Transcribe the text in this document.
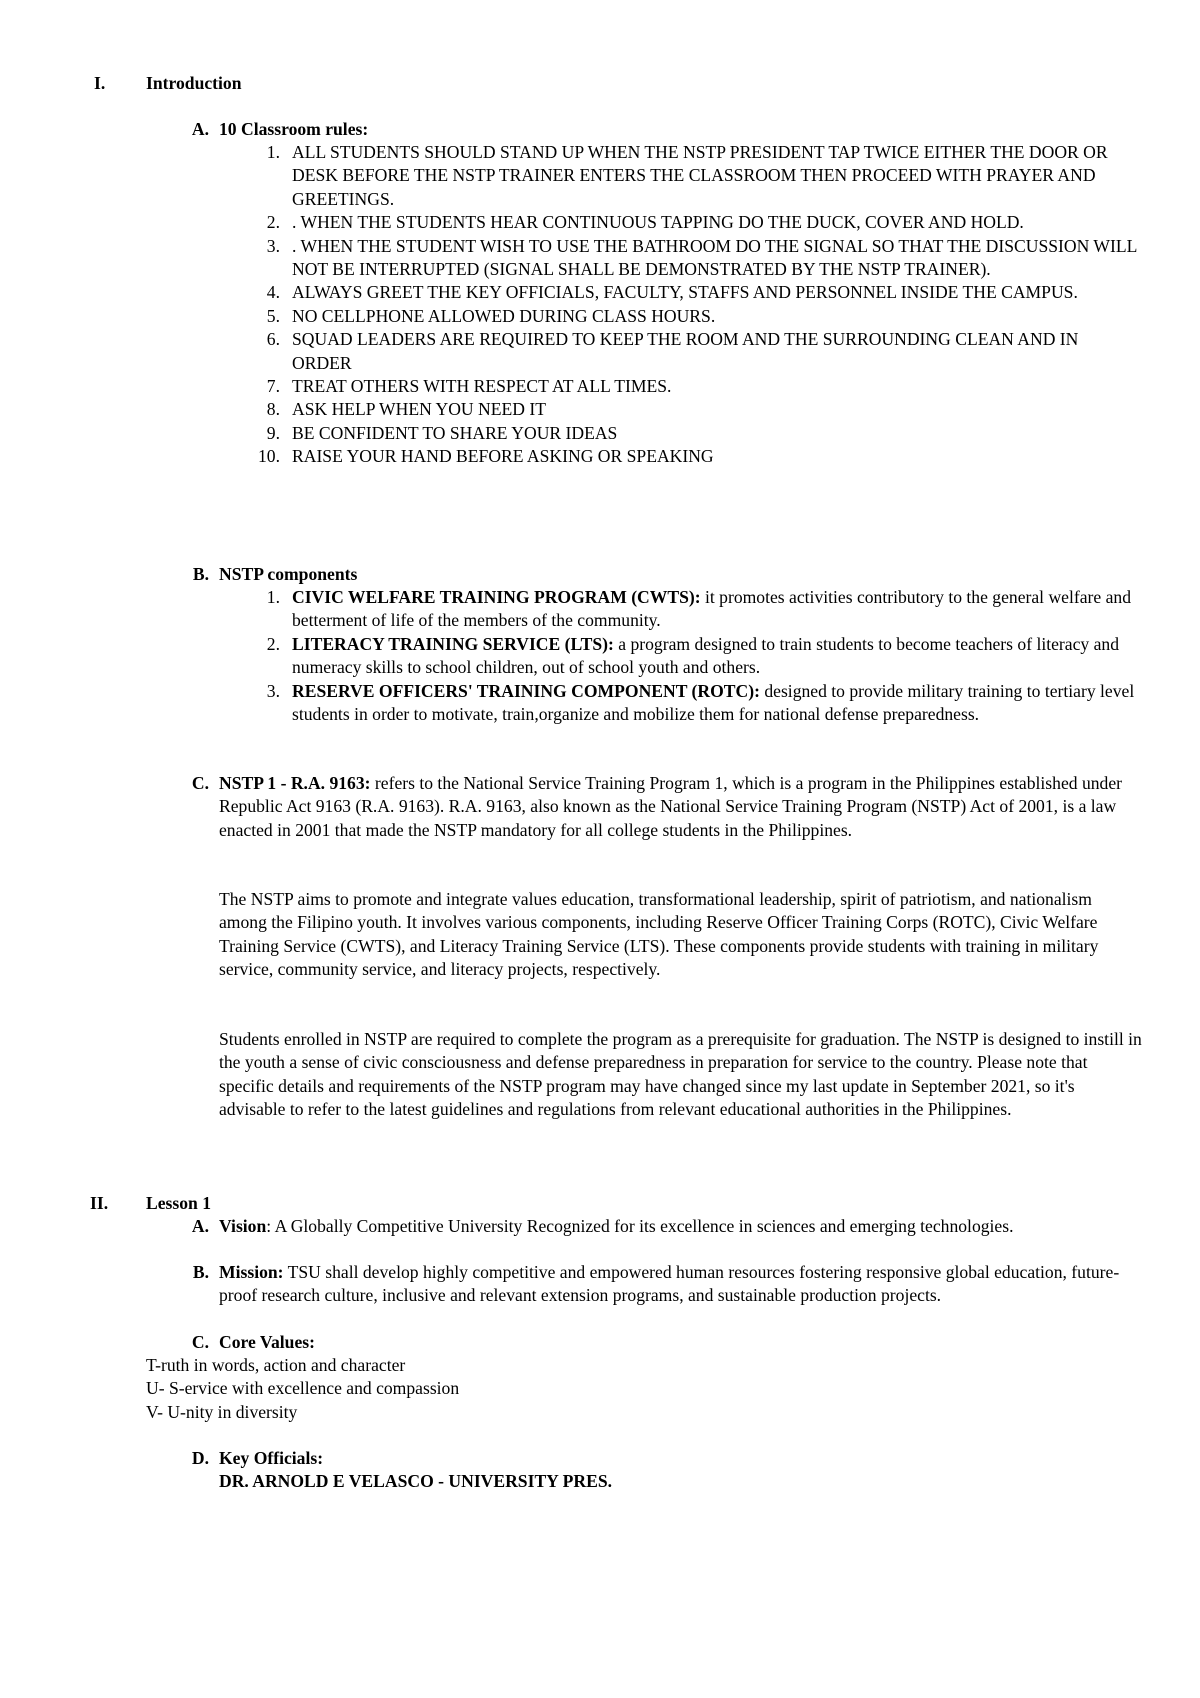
I. Introduction
A. 10 Classroom rules:
1. ALL STUDENTS SHOULD STAND UP WHEN THE NSTP PRESIDENT TAP TWICE EITHER THE DOOR OR DESK BEFORE THE NSTP TRAINER ENTERS THE CLASSROOM THEN PROCEED WITH PRAYER AND GREETINGS.
2. . WHEN THE STUDENTS HEAR CONTINUOUS TAPPING DO THE DUCK, COVER AND HOLD.
3. . WHEN THE STUDENT WISH TO USE THE BATHROOM DO THE SIGNAL SO THAT THE DISCUSSION WILL NOT BE INTERRUPTED (SIGNAL SHALL BE DEMONSTRATED BY THE NSTP TRAINER).
4. ALWAYS GREET THE KEY OFFICIALS, FACULTY, STAFFS AND PERSONNEL INSIDE THE CAMPUS.
5. NO CELLPHONE ALLOWED DURING CLASS HOURS.
6. SQUAD LEADERS ARE REQUIRED TO KEEP THE ROOM AND THE SURROUNDING CLEAN AND IN ORDER
7. TREAT OTHERS WITH RESPECT AT ALL TIMES.
8. ASK HELP WHEN YOU NEED IT
9. BE CONFIDENT TO SHARE YOUR IDEAS
10. RAISE YOUR HAND BEFORE ASKING OR SPEAKING
B. NSTP components
1. CIVIC WELFARE TRAINING PROGRAM (CWTS): it promotes activities contributory to the general welfare and betterment of life of the members of the community.
2. LITERACY TRAINING SERVICE (LTS): a program designed to train students to become teachers of literacy and numeracy skills to school children, out of school youth and others.
3. RESERVE OFFICERS' TRAINING COMPONENT (ROTC): designed to provide military training to tertiary level students in order to motivate, train,organize and mobilize them for national defense preparedness.
C. NSTP 1 - R.A. 9163: refers to the National Service Training Program 1, which is a program in the Philippines established under Republic Act 9163 (R.A. 9163). R.A. 9163, also known as the National Service Training Program (NSTP) Act of 2001, is a law enacted in 2001 that made the NSTP mandatory for all college students in the Philippines.

The NSTP aims to promote and integrate values education, transformational leadership, spirit of patriotism, and nationalism among the Filipino youth. It involves various components, including Reserve Officer Training Corps (ROTC), Civic Welfare Training Service (CWTS), and Literacy Training Service (LTS). These components provide students with training in military service, community service, and literacy projects, respectively.

Students enrolled in NSTP are required to complete the program as a prerequisite for graduation. The NSTP is designed to instill in the youth a sense of civic consciousness and defense preparedness in preparation for service to the country. Please note that specific details and requirements of the NSTP program may have changed since my last update in September 2021, so it's advisable to refer to the latest guidelines and regulations from relevant educational authorities in the Philippines.

II. Lesson 1
A. Vision: A Globally Competitive University Recognized for its excellence in sciences and emerging technologies.
B. Mission: TSU shall develop highly competitive and empowered human resources fostering responsive global education, future-proof research culture, inclusive and relevant extension programs, and sustainable production projects.
C. Core Values:
T-ruth in words, action and character
U- S-ervice with excellence and compassion
V- U-nity in diversity
D. Key Officials:
DR. ARNOLD E VELASCO - UNIVERSITY PRES.
